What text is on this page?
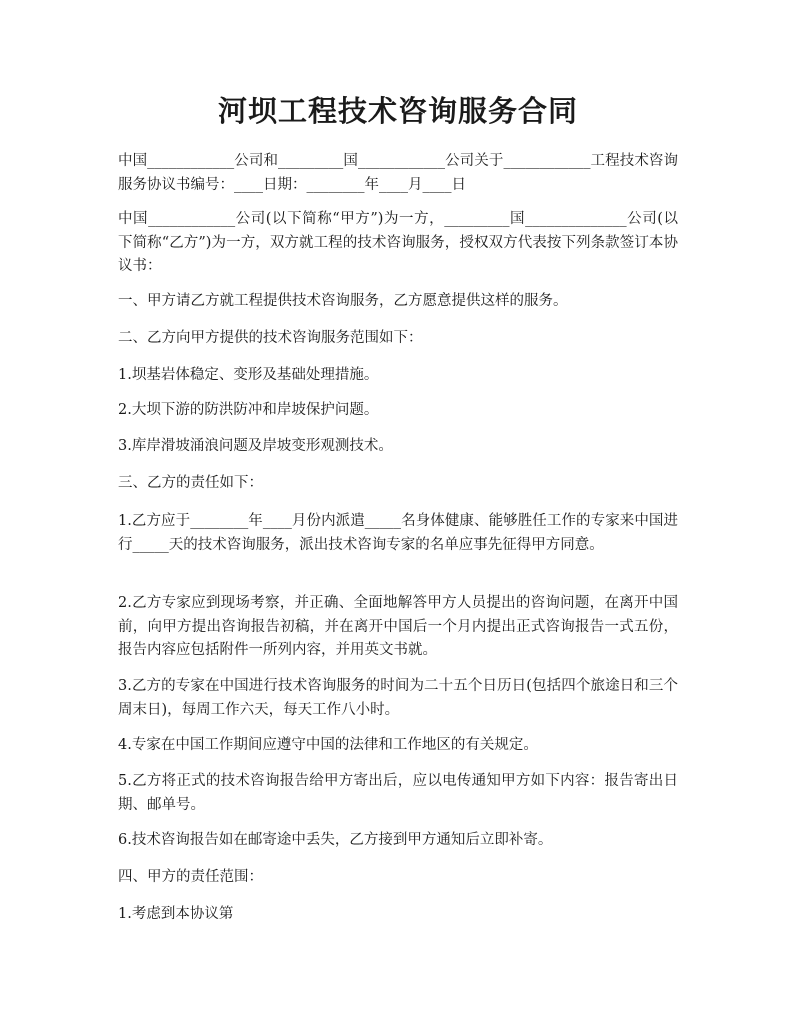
河坝工程技术咨询服务合同

中国____________公司和_________国____________公司关于____________工程技术咨询服务协议书编号：____日期：________年____月____日

中国____________公司(以下简称“甲方”)为一方，_________国______________公司(以下简称“乙方”)为一方，双方就工程的技术咨询服务，授权双方代表按下列条款签订本协议书：

一、甲方请乙方就工程提供技术咨询服务，乙方愿意提供这样的服务。

二、乙方向甲方提供的技术咨询服务范围如下：

1.坝基岩体稳定、变形及基础处理措施。

2.大坝下游的防洪防冲和岸坡保护问题。

3.库岸滑坡涌浪问题及岸坡变形观测技术。

三、乙方的责任如下：

1.乙方应于________年____月份内派遣_____名身体健康、能够胜任工作的专家来中国进行_____天的技术咨询服务，派出技术咨询专家的名单应事先征得甲方同意。

2.乙方专家应到现场考察，并正确、全面地解答甲方人员提出的咨询问题，在离开中国前，向甲方提出咨询报告初稿，并在离开中国后一个月内提出正式咨询报告一式五份，报告内容应包括附件一所列内容，并用英文书就。

3.乙方的专家在中国进行技术咨询服务的时间为二十五个日历日(包括四个旅途日和三个周末日)，每周工作六天，每天工作八小时。

4.专家在中国工作期间应遵守中国的法律和工作地区的有关规定。

5.乙方将正式的技术咨询报告给甲方寄出后，应以电传通知甲方如下内容：报告寄出日期、邮单号。

6.技术咨询报告如在邮寄途中丢失，乙方接到甲方通知后立即补寄。

四、甲方的责任范围：

1.考虑到本协议第
